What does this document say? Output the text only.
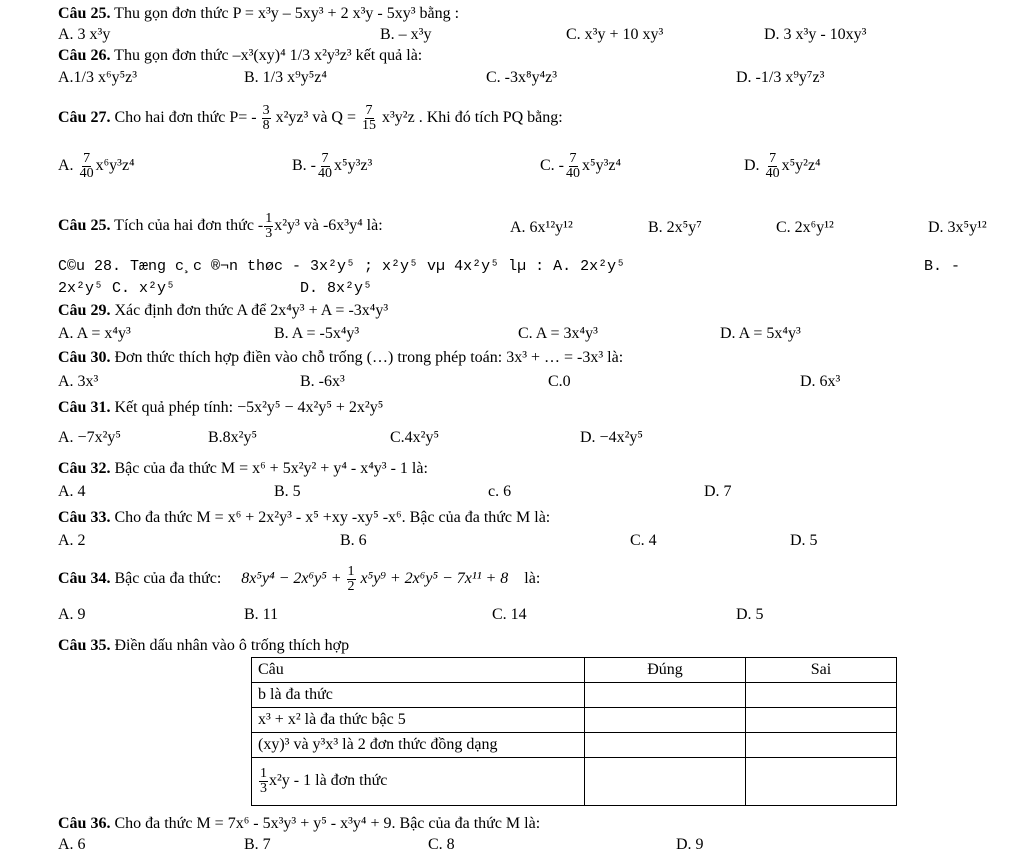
Câu 25. Thu gọn đơn thức P = x³y – 5xy³ + 2 x³y - 5xy³ bằng :
A. 3 x³y	B. – x³y	C. x³y + 10 xy³	D. 3 x³y - 10xy³
Câu 26. Thu gọn đơn thức –x³(xy)⁴ 1/3 x²y³z³ kết quả là:
A.1/3 x⁶y⁵z³	B. 1/3 x⁹y⁵z⁴	C. -3x⁸y⁴z³	D. -1/3 x⁹y⁷z³
Câu 27. Cho hai đơn thức $P= - \frac{3}{8} x^2yz^3$ và $Q = \frac{7}{15} x^3y^2z$ . Khi đó tích PQ bằng:
A. $\frac{7}{40} x^6y^3z^4$	B. - $\frac{7}{40} x^5y^3z^3$	C. - $\frac{7}{40} x^5y^3z^4$	D. $\frac{7}{40} x^5y^2z^4$
Câu 25. Tích của hai đơn thức - $\frac{1}{3} x^2y^3$ và -6x³y⁴ là:	A. 6x¹²y¹²	B. 2x⁵y⁷	C. 2x⁶y¹²	D. 3x⁵y¹²
C©u 28. Tæng c¸c ®¬n thøc - 3x²y⁵ ; x²y⁵ vµ 4x²y⁵ lµ : A. 2x²y⁵	B. -
2x²y⁵ C. x²y⁵	D. 8x²y⁵
Câu 29. Xác định đơn thức A để 2x⁴y³ + A = -3x⁴y³
A. A = x⁴y³	B. A = -5x⁴y³	C. A = 3x⁴y³	D. A = 5x⁴y³
Câu 30. Đơn thức thích hợp điền vào chỗ trống (…) trong phép toán: 3x³ + … = -3x³ là:
A. 3x³	B. -6x³	C.0	D. 6x³
Câu 31. Kết quả phép tính: −5x²y⁵ − 4x²y⁵ + 2x²y⁵
A. −7x²y⁵	B.8x²y⁵	C.4x²y⁵	D. −4x²y⁵
Câu 32. Bậc của đa thức M = x⁶ + 5x²y² + y⁴ - x⁴y³ - 1 là:
A. 4	B. 5	c. 6	D. 7
Câu 33. Cho đa thức M = x⁶ + 2x²y³ - x⁵ +xy -xy⁵ -x⁶. Bậc của đa thức M là:
A. 2	B. 6	C. 4	D. 5
Câu 34. Bậc của đa thức: $8x^5y^4 - 2x^6y^5 + \frac{1}{2} x^5y^9 + 2x^6y^5 - 7x^{11} + 8$ là:
A. 9	B. 11	C. 14	D. 5
Câu 35. Điền dấu nhân vào ô trống thích hợp
Câu	Đúng	Sai
b là đa thức		
x³ + x² là đa thức bậc 5		
(xy)³ và y³x³ là 2 đơn thức đồng dạng		

$\frac{1}{3} x^2y - 1$ là đơn thức		
Câu 36. Cho đa thức M = 7x⁶ - 5x³y³ + y⁵ - x³y⁴ + 9. Bậc của đa thức M là:
A. 6	B. 7	C. 8	D. 9
